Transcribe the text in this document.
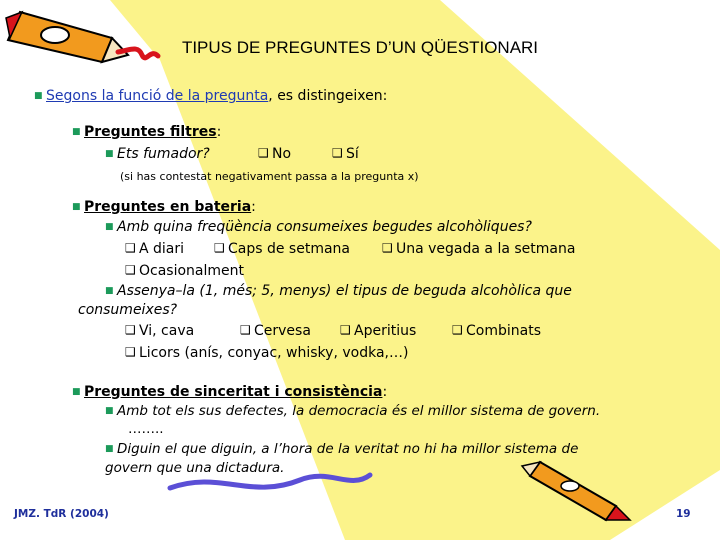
TIPUS DE PREGUNTES D’UN QÜESTIONARI
■ Segons la funció de la pregunta, es distingeixen:
■ Preguntes filtres:
■ Ets fumador?	❑ No	❑ Sí
(si has contestat negativament passa a la pregunta x)
■ Preguntes en bateria:
■ Amb quina freqüència consumeixes begudes alcohòliques?
❑ A diari ❑ Caps de setmana	❑ Una vegada a la setmana
❑ Ocasionalment
■ Assenya–la (1, més; 5, menys) el tipus de beguda alcohòlica que
consumeixes?
❑ Vi, cava	❑ Cervesa ❑ Aperitius	❑ Combinats
❑ Licors (anís, conyac, whisky, vodka,…)
■ Preguntes de sinceritat i consistència:
■ Amb tot els sus defectes, la democracia és el millor sistema de govern.
……..
■ Diguin el que diguin, a l’hora de la veritat no hi ha millor sistema de
govern que una dictadura.
JMZ. TdR (2004)	19
